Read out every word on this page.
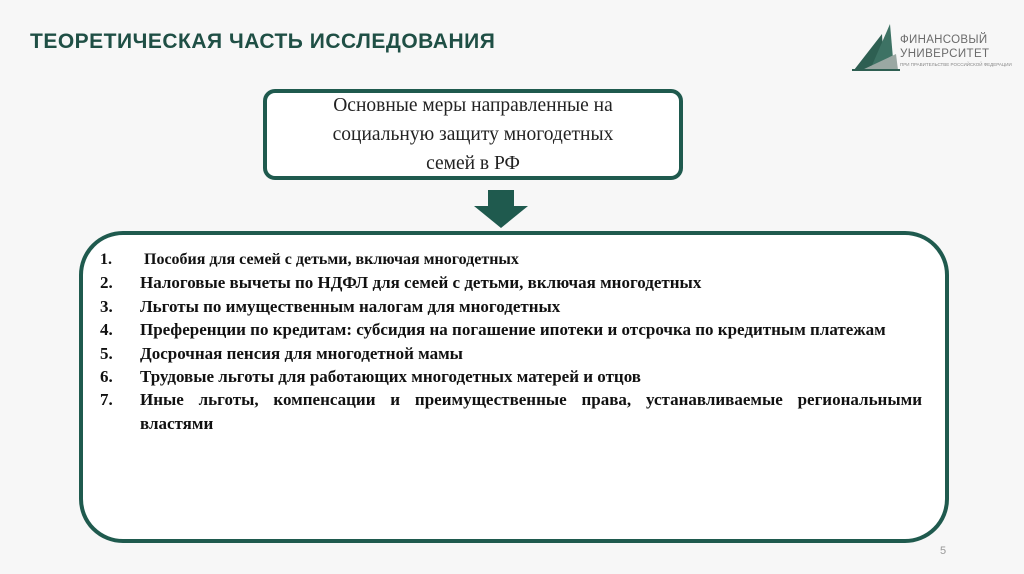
ТЕОРЕТИЧЕСКАЯ ЧАСТЬ ИССЛЕДОВАНИЯ	ФИНАНСОВЫЙ
УНИВЕРСИТЕТ
ПРИ ПРАВИТЕЛЬСТВЕ РОССИЙСКОЙ ФЕДЕРАЦИИ
Основные меры направленные на
социальную защиту многодетных
семей в РФ
1. Пособия для семей с детьми, включая многодетных
2. Налоговые вычеты по НДФЛ для семей с детьми, включая многодетных
3. Льготы по имущественным налогам для многодетных
4. Преференции по кредитам: субсидия на погашение ипотеки и отсрочка по кредитным платежам
5. Досрочная пенсия для многодетной мамы
6. Трудовые льготы для работающих многодетных матерей и отцов
7. Иные льготы, компенсации и преимущественные права, устанавливаемые региональными властями
5
